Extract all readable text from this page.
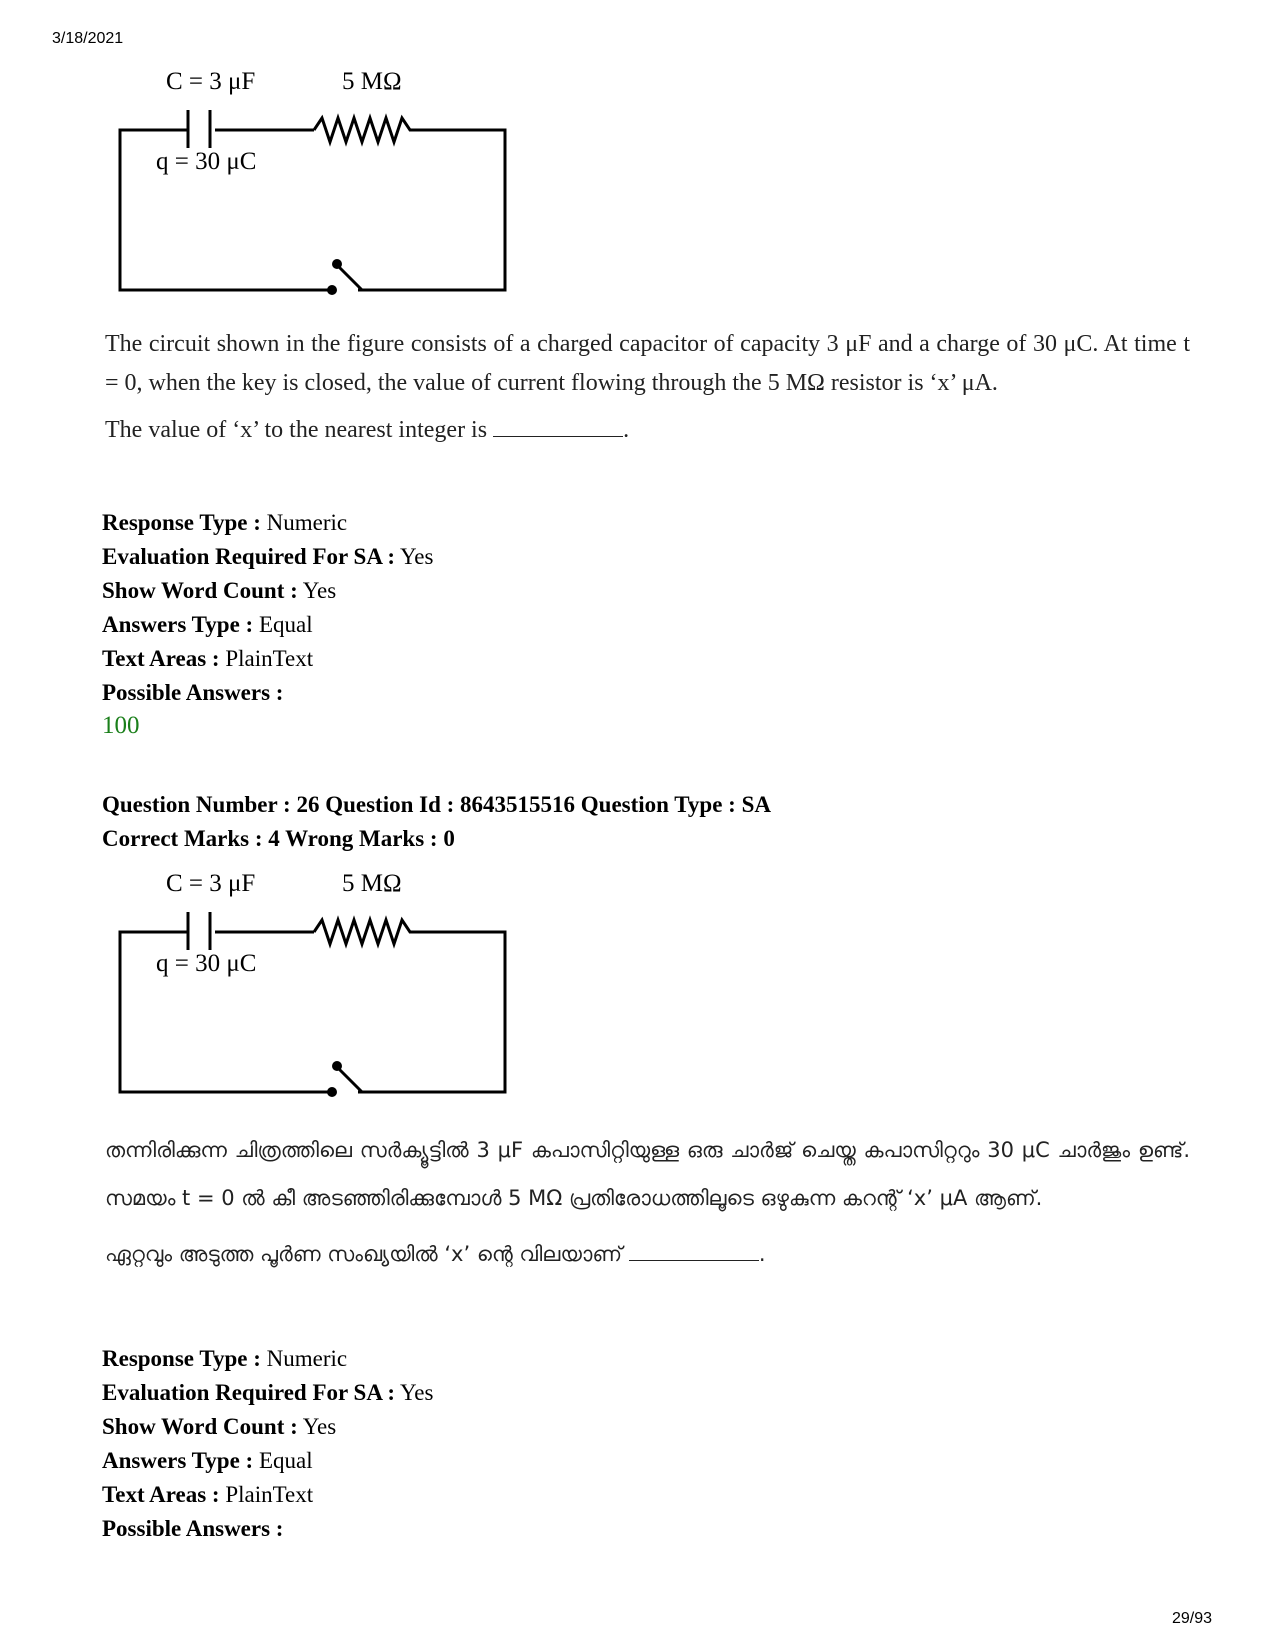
3/18/2021
C = 3 μF	5 MΩ
q = 30 μC

The circuit shown in the figure consists of a charged capacitor of capacity 3 μF and a charge of 30 μC. At time t = 0, when the key is closed, the value of current flowing through the 5 MΩ resistor is ‘x’ μA.

The value of ‘x’ to the nearest integer is	.

Response Type : Numeric
Evaluation Required For SA : Yes
Show Word Count : Yes
Answers Type : Equal
Text Areas : PlainText
Possible Answers :
100
Question Number : 26 Question Id : 8643515516 Question Type : SA
Correct Marks : 4 Wrong Marks : 0
C = 3 μF	5 MΩ
q = 30 μC

തന്നിരിക്കുന്ന ചിത്രത്തിലെ സർക്യൂട്ടിൽ 3 μF കപാസിറ്റിയുള്ള ഒരു ചാർജ് ചെയ്ത കപാസിറ്ററും 30 μC ചാർജും ഉണ്ട്. സമയം t = 0 ൽ കീ അടഞ്ഞിരിക്കുമ്പോൾ 5 MΩ പ്രതിരോധത്തിലൂടെ ഒഴുകുന്ന കറന്റ് ‘x’ μA ആണ്.

ഏറ്റവും അടുത്ത പൂർണ സംഖ്യയിൽ ‘x’ ന്റെ വിലയാണ്	.

Response Type : Numeric
Evaluation Required For SA : Yes
Show Word Count : Yes
Answers Type : Equal
Text Areas : PlainText
Possible Answers :
29/93
